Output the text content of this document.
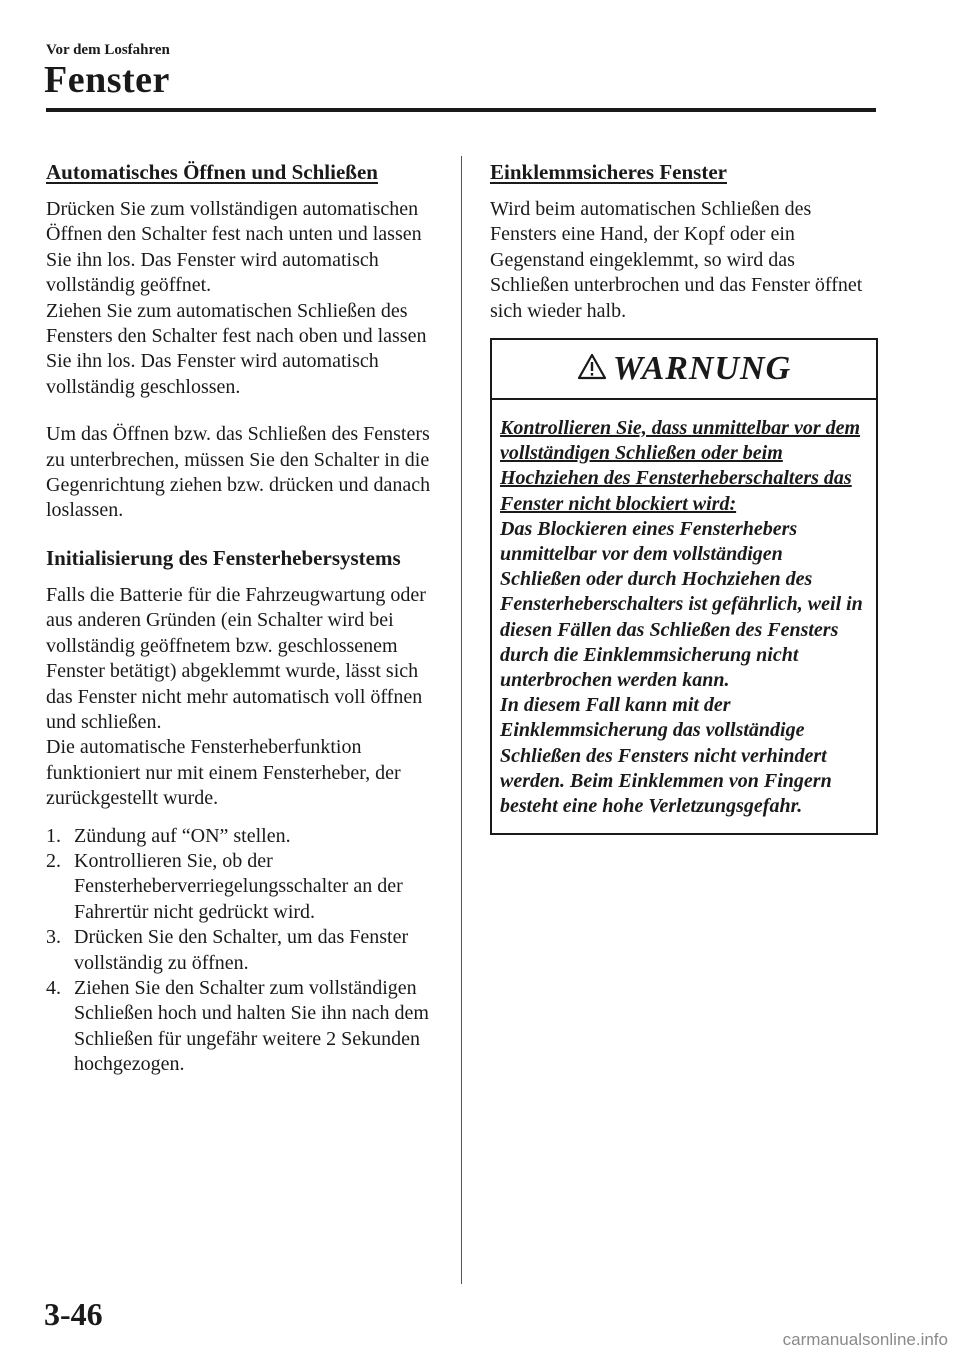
Vor dem Losfahren
Fenster
Automatisches Öffnen und Schließen

Drücken Sie zum vollständigen automatischen Öffnen den Schalter fest nach unten und lassen Sie ihn los. Das Fenster wird automatisch vollständig geöffnet.

Ziehen Sie zum automatischen Schließen des Fensters den Schalter fest nach oben und lassen Sie ihn los. Das Fenster wird automatisch vollständig geschlossen.

Um das Öffnen bzw. das Schließen des Fensters zu unterbrechen, müssen Sie den Schalter in die Gegenrichtung ziehen bzw. drücken und danach loslassen.

Initialisierung des Fensterhebersystems

Falls die Batterie für die Fahrzeugwartung oder aus anderen Gründen (ein Schalter wird bei vollständig geöffnetem bzw. geschlossenem Fenster betätigt) abgeklemmt wurde, lässt sich das Fenster nicht mehr automatisch voll öffnen und schließen.

Die automatische Fensterheberfunktion funktioniert nur mit einem Fensterheber, der zurückgestellt wurde.

1. Zündung auf “ON” stellen.
2. Kontrollieren Sie, ob der Fensterheberverriegelungsschalter an der Fahrertür nicht gedrückt wird.
3. Drücken Sie den Schalter, um das Fenster vollständig zu öffnen.
4. Ziehen Sie den Schalter zum vollständigen Schließen hoch und halten Sie ihn nach dem Schließen für ungefähr weitere 2 Sekunden hochgezogen.
Einklemmsicheres Fenster

Wird beim automatischen Schließen des Fensters eine Hand, der Kopf oder ein Gegenstand eingeklemmt, so wird das Schließen unterbrochen und das Fenster öffnet sich wieder halb.

WARNUNG

Kontrollieren Sie, dass unmittelbar vor dem vollständigen Schließen oder beim Hochziehen des Fensterheberschalters das Fenster nicht blockiert wird:

Das Blockieren eines Fensterhebers unmittelbar vor dem vollständigen Schließen oder durch Hochziehen des Fensterheberschalters ist gefährlich, weil in diesen Fällen das Schließen des Fensters durch die Einklemmsicherung nicht unterbrochen werden kann.

In diesem Fall kann mit der Einklemmsicherung das vollständige Schließen des Fensters nicht verhindert werden. Beim Einklemmen von Fingern besteht eine hohe Verletzungsgefahr.

3-46
carmanualsonline.info
